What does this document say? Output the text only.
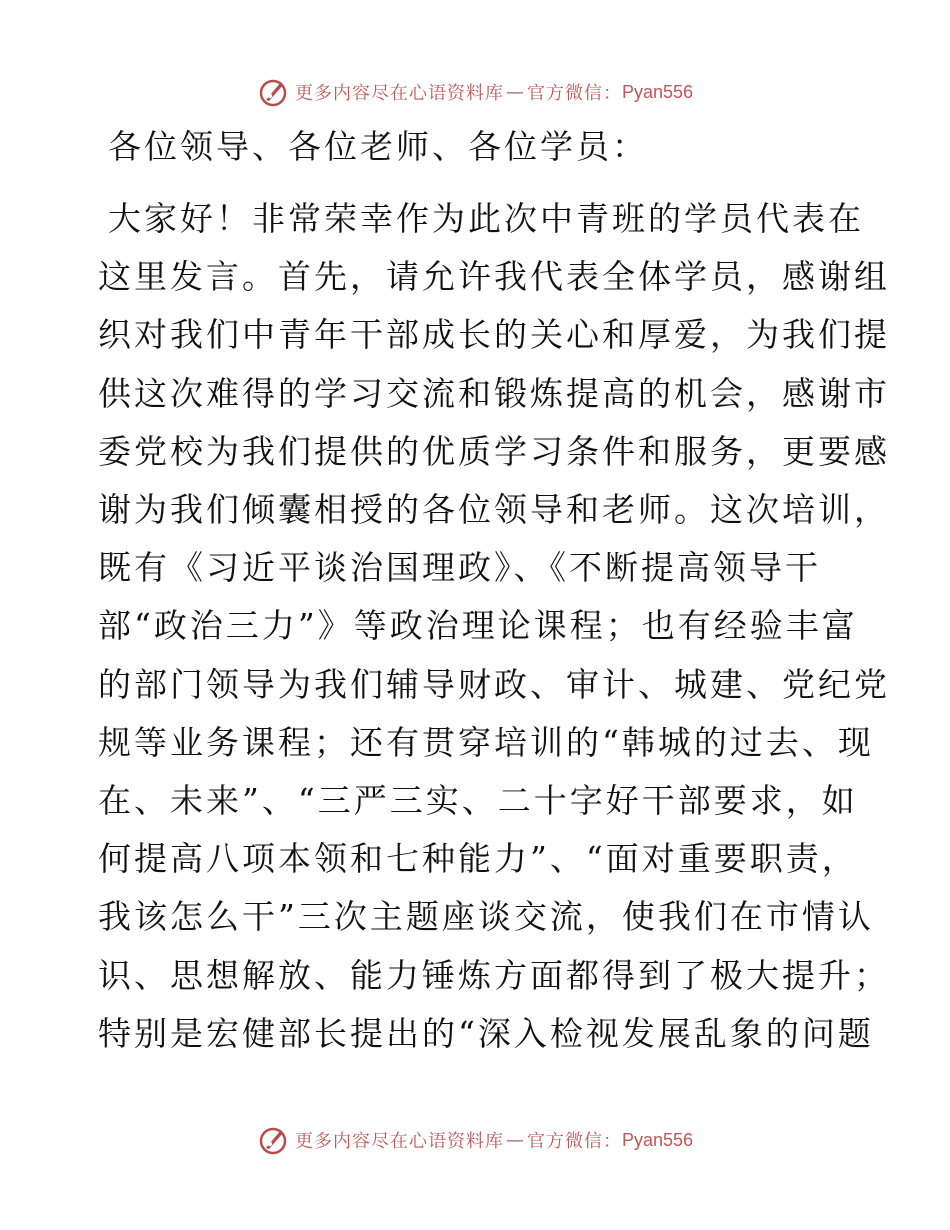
更多内容尽在心语资料库 — 官方微信： Pyan556

各位领导、各位老师、各位学员：

大家好！非常荣幸作为此次中青班的学员代表在

这里发言。首先，请允许我代表全体学员，感谢组

织对我们中青年干部成长的关心和厚爱，为我们提

供这次难得的学习交流和锻炼提高的机会，感谢市

委党校为我们提供的优质学习条件和服务，更要感

谢为我们倾囊相授的各位领导和老师。这次培训，

既有《习近平谈治国理政》、《不断提高领导干

部“政治三力”》等政治理论课程；也有经验丰富

的部门领导为我们辅导财政、审计、城建、党纪党

规等业务课程；还有贯穿培训的“韩城的过去、现

在、未来”、“三严三实、二十字好干部要求，如

何提高八项本领和七种能力”、“面对重要职责，

我该怎么干”三次主题座谈交流，使我们在市情认

识、思想解放、能力锤炼方面都得到了极大提升；

特别是宏健部长提出的“深入检视发展乱象的问题

更多内容尽在心语资料库 — 官方微信： Pyan556
